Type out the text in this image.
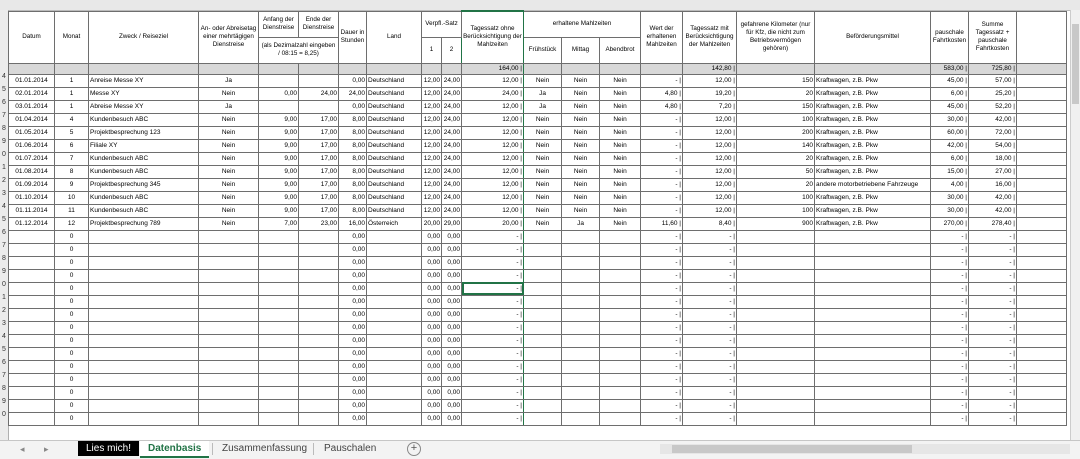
Datum	Monat	Zweck / Reiseziel	An- oder Abreisetag einer mehrtägigen Dienstreise	Anfang der Dienstreise	Ende der Dienstreise	Dauer in Stunden	Land	Verpfl.-Satz		Tagessatz ohne Berücksichtigung der Mahlzeiten	erhaltene Mahlzeiten			Wert der erhaltenen Mahlzeiten	Tagessatz mit Berücksichtigung der Mahlzeiten	gefahrene Kilometer (nur für Kfz, die nicht zum Betriebsvermögen gehören)	Beförderungsmittel	pauschale Fahrtkosten	Summe Tagessatz + pauschale Fahrtkosten	
				(als Dezimalzahl eingeben / 08:15 = 8,25)				1	2		Frühstück	Mittag	Abendbrot							
										164,00 |					142,80 |			583,00 |	725,80 |	
01.01.2014	1	Anreise Messe XY	Ja			0,00	Deutschland	12,00	24,00	12,00 |	Nein	Nein	Nein	- |	12,00 |	150	Kraftwagen, z.B. Pkw	45,00 |	57,00 |	
02.01.2014	1	Messe XY	Nein	0,00	24,00	24,00	Deutschland	12,00	24,00	24,00 |	Ja	Nein	Nein	4,80 |	19,20 |	20	Kraftwagen, z.B. Pkw	6,00 |	25,20 |	
03.01.2014	1	Abreise Messe XY	Ja			0,00	Deutschland	12,00	24,00	12,00 |	Ja	Nein	Nein	4,80 |	7,20 |	150	Kraftwagen, z.B. Pkw	45,00 |	52,20 |	
01.04.2014	4	Kundenbesuch ABC	Nein	9,00	17,00	8,00	Deutschland	12,00	24,00	12,00 |	Nein	Nein	Nein	- |	12,00 |	100	Kraftwagen, z.B. Pkw	30,00 |	42,00 |	
01.05.2014	5	Projektbesprechung 123	Nein	9,00	17,00	8,00	Deutschland	12,00	24,00	12,00 |	Nein	Nein	Nein	- |	12,00 |	200	Kraftwagen, z.B. Pkw	60,00 |	72,00 |	
01.06.2014	6	Filiale XY	Nein	9,00	17,00	8,00	Deutschland	12,00	24,00	12,00 |	Nein	Nein	Nein	- |	12,00 |	140	Kraftwagen, z.B. Pkw	42,00 |	54,00 |	
01.07.2014	7	Kundenbesuch ABC	Nein	9,00	17,00	8,00	Deutschland	12,00	24,00	12,00 |	Nein	Nein	Nein	- |	12,00 |	20	Kraftwagen, z.B. Pkw	6,00 |	18,00 |	
01.08.2014	8	Kundenbesuch ABC	Nein	9,00	17,00	8,00	Deutschland	12,00	24,00	12,00 |	Nein	Nein	Nein	- |	12,00 |	50	Kraftwagen, z.B. Pkw	15,00 |	27,00 |	
01.09.2014	9	Projektbesprechung 345	Nein	9,00	17,00	8,00	Deutschland	12,00	24,00	12,00 |	Nein	Nein	Nein	- |	12,00 |	20	andere motorbetriebene Fahrzeuge	4,00 |	16,00 |	
01.10.2014	10	Kundenbesuch ABC	Nein	9,00	17,00	8,00	Deutschland	12,00	24,00	12,00 |	Nein	Nein	Nein	- |	12,00 |	100	Kraftwagen, z.B. Pkw	30,00 |	42,00 |	
01.11.2014	11	Kundenbesuch ABC	Nein	9,00	17,00	8,00	Deutschland	12,00	24,00	12,00 |	Nein	Nein	Nein	- |	12,00 |	100	Kraftwagen, z.B. Pkw	30,00 |	42,00 |	
01.12.2014	12	Projektbesprechung 789	Nein	7,00	23,00	16,00	Österreich	20,00	29,00	20,00 |	Nein	Ja	Nein	11,60 |	8,40 |	900	Kraftwagen, z.B. Pkw	270,00 |	278,40 |	
	0					0,00		0,00	0,00	- |				- |	- |			- |	- |	
	0					0,00		0,00	0,00	- |				- |	- |			- |	- |	
	0					0,00		0,00	0,00	- |				- |	- |			- |	- |	
	0					0,00		0,00	0,00	- |				- |	- |			- |	- |	
	0					0,00		0,00	0,00	- |				- |	- |			- |	- |	
	0					0,00		0,00	0,00	- |				- |	- |			- |	- |	
	0					0,00		0,00	0,00	- |				- |	- |			- |	- |	
	0					0,00		0,00	0,00	- |				- |	- |			- |	- |	
	0					0,00		0,00	0,00	- |				- |	- |			- |	- |	
	0					0,00		0,00	0,00	- |				- |	- |			- |	- |	
	0					0,00		0,00	0,00	- |				- |	- |			- |	- |	
	0					0,00		0,00	0,00	- |				- |	- |			- |	- |	
	0					0,00		0,00	0,00	- |				- |	- |			- |	- |	
	0					0,00		0,00	0,00	- |				- |	- |			- |	- |	
	0					0,00		0,00	0,00	- |				- |	- |			- |	- |	
4
5
6
7
8
9
0
1
2
3
4
5
6
7
8
9
0
1
2
3
4
5
6
7
8
9
0
◂ ▸	Lies mich!	Datenbasis	Zusammenfassung	Pauschalen	+
